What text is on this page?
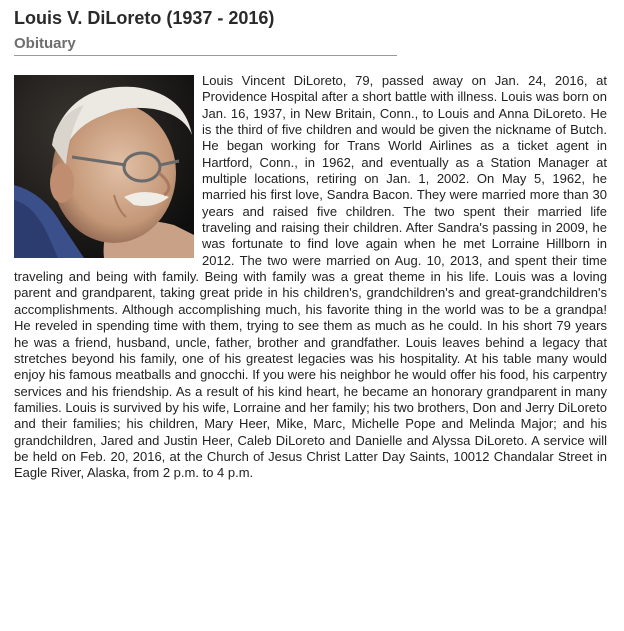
Louis V. DiLoreto (1937 - 2016)
Obituary
Louis Vincent DiLoreto, 79, passed away on Jan. 24, 2016, at Providence Hospital after a short battle with illness. Louis was born on Jan. 16, 1937, in New Britain, Conn., to Louis and Anna DiLoreto. He is the third of five children and would be given the nickname of Butch. He began working for Trans World Airlines as a ticket agent in Hartford, Conn., in 1962, and eventually as a Station Manager at multiple locations, retiring on Jan. 1, 2002. On May 5, 1962, he married his first love, Sandra Bacon. They were married more than 30 years and raised five children. The two spent their married life traveling and raising their children. After Sandra's passing in 2009, he was fortunate to find love again when he met Lorraine Hillborn in 2012. The two were married on Aug. 10, 2013, and spent their time traveling and being with family. Being with family was a great theme in his life. Louis was a loving parent and grandparent, taking great pride in his children's, grandchildren's and great-grandchildren's accomplishments. Although accomplishing much, his favorite thing in the world was to be a grandpa! He reveled in spending time with them, trying to see them as much as he could. In his short 79 years he was a friend, husband, uncle, father, brother and grandfather. Louis leaves behind a legacy that stretches beyond his family, one of his greatest legacies was his hospitality. At his table many would enjoy his famous meatballs and gnocchi. If you were his neighbor he would offer his food, his carpentry services and his friendship. As a result of his kind heart, he became an honorary grandparent in many families. Louis is survived by his wife, Lorraine and her family; his two brothers, Don and Jerry DiLoreto and their families; his children, Mary Heer, Mike, Marc, Michelle Pope and Melinda Major; and his grandchildren, Jared and Justin Heer, Caleb DiLoreto and Danielle and Alyssa DiLoreto. A service will be held on Feb. 20, 2016, at the Church of Jesus Christ Latter Day Saints, 10012 Chandalar Street in Eagle River, Alaska, from 2 p.m. to 4 p.m.
